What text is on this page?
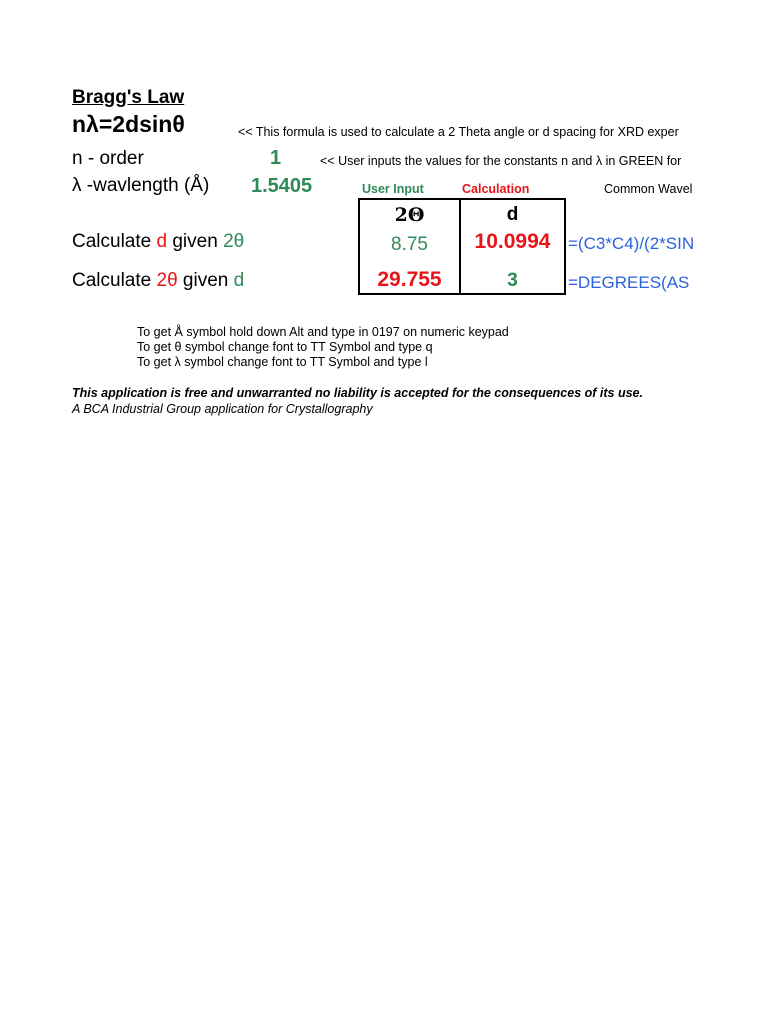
Bragg's Law
nλ=2dsinθ	<< This formula is used to calculate a 2 Theta angle or d spacing for XRD exper
n - order	1	<< User inputs the values for the constants n and λ in GREEN for
λ -wavlength (Å) 1.5405	User Input	Calculation	Common Wavel
Calculate d given 2θ
Calculate 2θ given d
2Θ	d
8.75	10.0994
29.755	3
=(C3*C4)/(2*SIN
=DEGREES(AS
To get Å symbol hold down Alt and type in 0197 on numeric keypad
To get θ symbol change font to TT Symbol and type q
To get λ symbol change font to TT Symbol and type l
This application is free and unwarranted no liability is accepted for the consequences of its use.
A BCA Industrial Group application for Crystallography
